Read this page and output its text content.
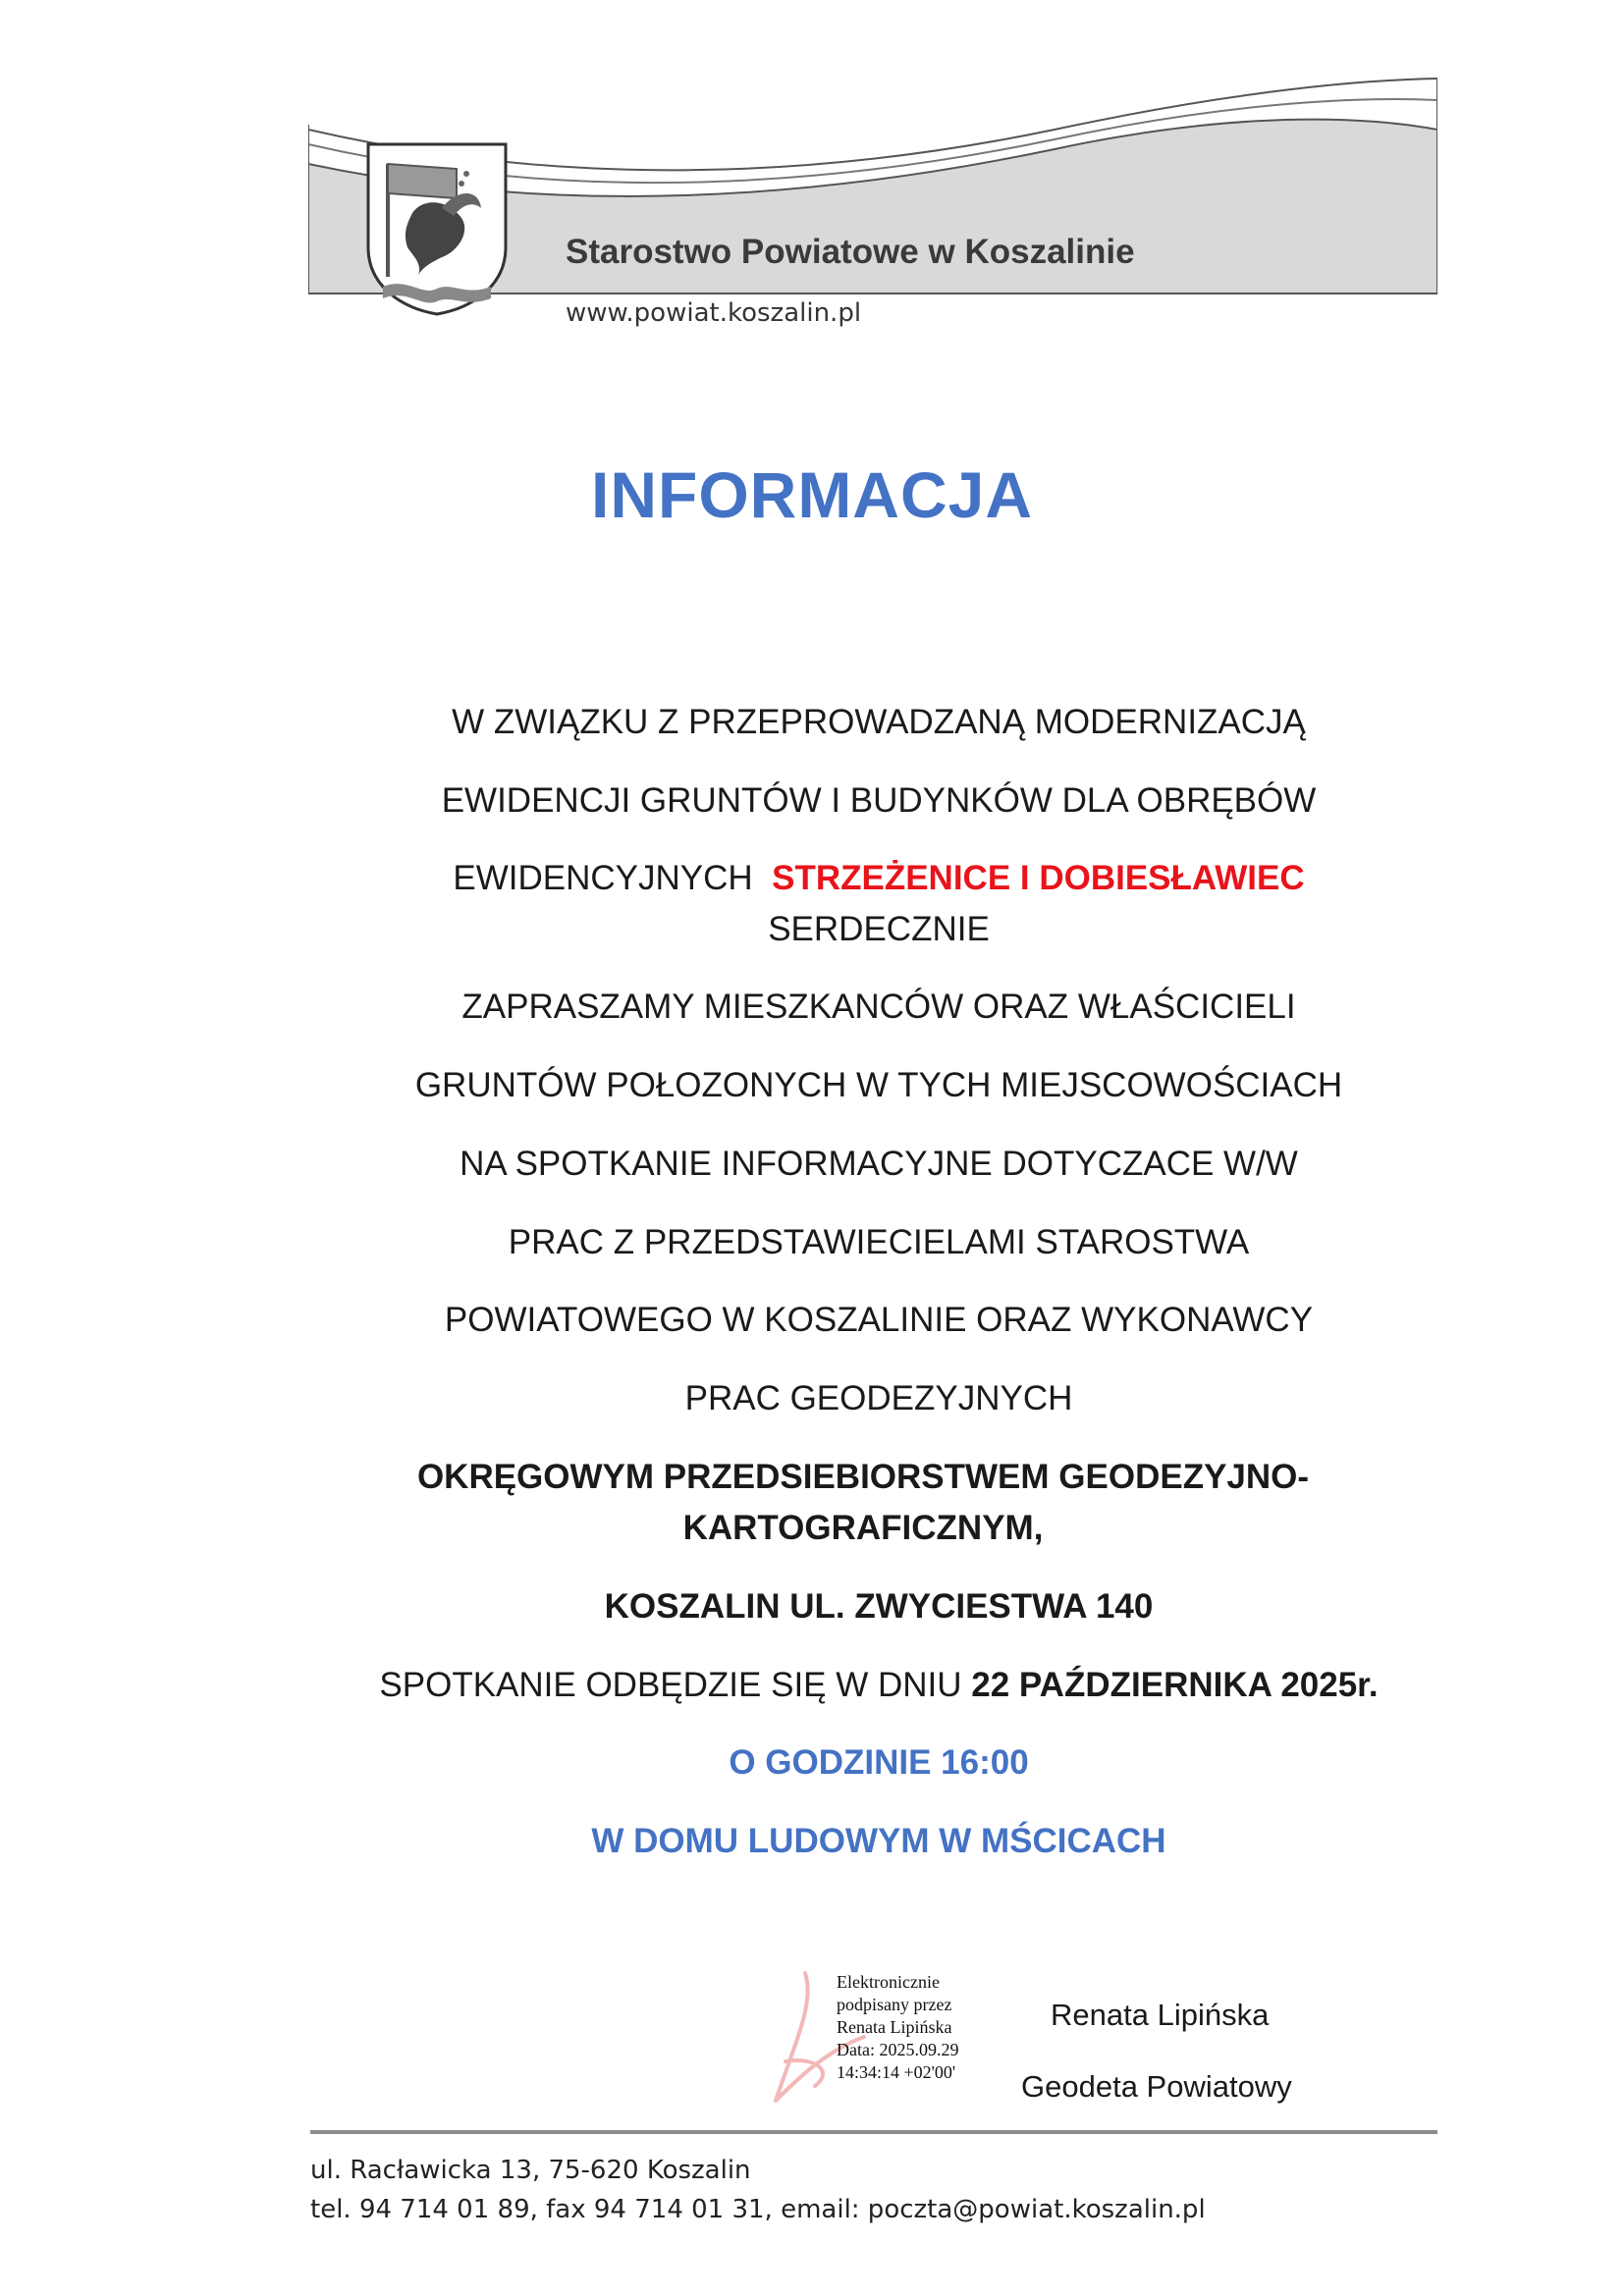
Starostwo Powiatowe w Koszalinie
www.powiat.koszalin.pl
INFORMACJA
W ZWIĄZKU Z PRZEPROWADZANĄ MODERNIZACJĄ
EWIDENCJI GRUNTÓW I BUDYNKÓW DLA OBRĘBÓW
EWIDENCYJNYCH STRZEŻENICE I DOBIESŁAWIEC
SERDECZNIE
ZAPRASZAMY MIESZKANCÓW ORAZ WŁAŚCICIELI
GRUNTÓW POŁOZONYCH W TYCH MIEJSCOWOŚCIACH
NA SPOTKANIE INFORMACYJNE DOTYCZACE W/W
PRAC Z PRZEDSTAWIECIELAMI STAROSTWA
POWIATOWEGO W KOSZALINIE ORAZ WYKONAWCY
PRAC GEODEZYJNYCH
OKRĘGOWYM PRZEDSIEBIORSTWEM GEODEZYJNO-
KARTOGRAFICZNYM,
KOSZALIN UL. ZWYCIESTWA 140
SPOTKANIE ODBĘDZIE SIĘ W DNIU 22 PAŹDZIERNIKA 2025r.
O GODZINIE 16:00
W DOMU LUDOWYM W MŚCICACH
Elektronicznie
podpisany przez
Renata Lipińska
Data: 2025.09.29
14:34:14 +02'00'
Renata Lipińska
Geodeta Powiatowy
ul. Racławicka 13, 75-620 Koszalin
tel. 94 714 01 89, fax 94 714 01 31, email: poczta@powiat.koszalin.pl
